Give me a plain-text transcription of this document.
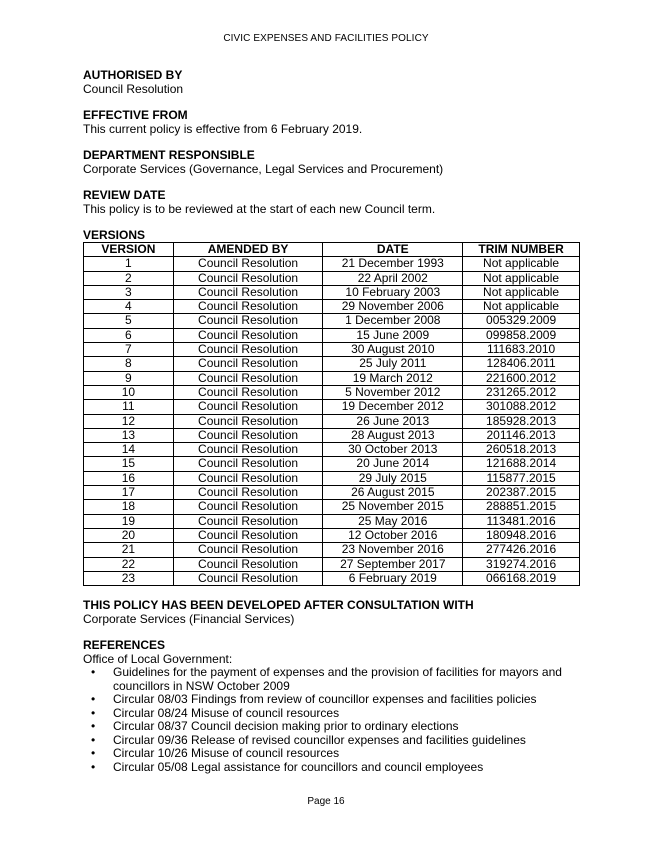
CIVIC EXPENSES AND FACILITIES POLICY
AUTHORISED BY
Council Resolution
EFFECTIVE FROM
This current policy is effective from 6 February 2019.
DEPARTMENT RESPONSIBLE
Corporate Services (Governance, Legal Services and Procurement)
REVIEW DATE
This policy is to be reviewed at the start of each new Council term.
VERSIONS
VERSION	AMENDED BY	DATE	TRIM NUMBER
1	Council Resolution	21 December 1993	Not applicable
2	Council Resolution	22 April 2002	Not applicable
3	Council Resolution	10 February 2003	Not applicable
4	Council Resolution	29 November 2006	Not applicable
5	Council Resolution	1 December 2008	005329.2009
6	Council Resolution	15 June 2009	099858.2009
7	Council Resolution	30 August 2010	111683.2010
8	Council Resolution	25 July 2011	128406.2011
9	Council Resolution	19 March 2012	221600.2012
10	Council Resolution	5 November 2012	231265.2012
11	Council Resolution	19 December 2012	301088.2012
12	Council Resolution	26 June 2013	185928.2013
13	Council Resolution	28 August 2013	201146.2013
14	Council Resolution	30 October 2013	260518.2013
15	Council Resolution	20 June 2014	121688.2014
16	Council Resolution	29 July 2015	115877.2015
17	Council Resolution	26 August 2015	202387.2015
18	Council Resolution	25 November 2015	288851.2015
19	Council Resolution	25 May 2016	113481.2016
20	Council Resolution	12 October 2016	180948.2016
21	Council Resolution	23 November 2016	277426.2016
22	Council Resolution	27 September 2017	319274.2016
23	Council Resolution	6 February 2019	066168.2019
THIS POLICY HAS BEEN DEVELOPED AFTER CONSULTATION WITH
Corporate Services (Financial Services)
REFERENCES
Office of Local Government:
• Guidelines for the payment of expenses and the provision of facilities for mayors and councillors in NSW October 2009
• Circular 08/03 Findings from review of councillor expenses and facilities policies
• Circular 08/24 Misuse of council resources
• Circular 08/37 Council decision making prior to ordinary elections
• Circular 09/36 Release of revised councillor expenses and facilities guidelines
• Circular 10/26 Misuse of council resources
• Circular 05/08 Legal assistance for councillors and council employees
Page 16
